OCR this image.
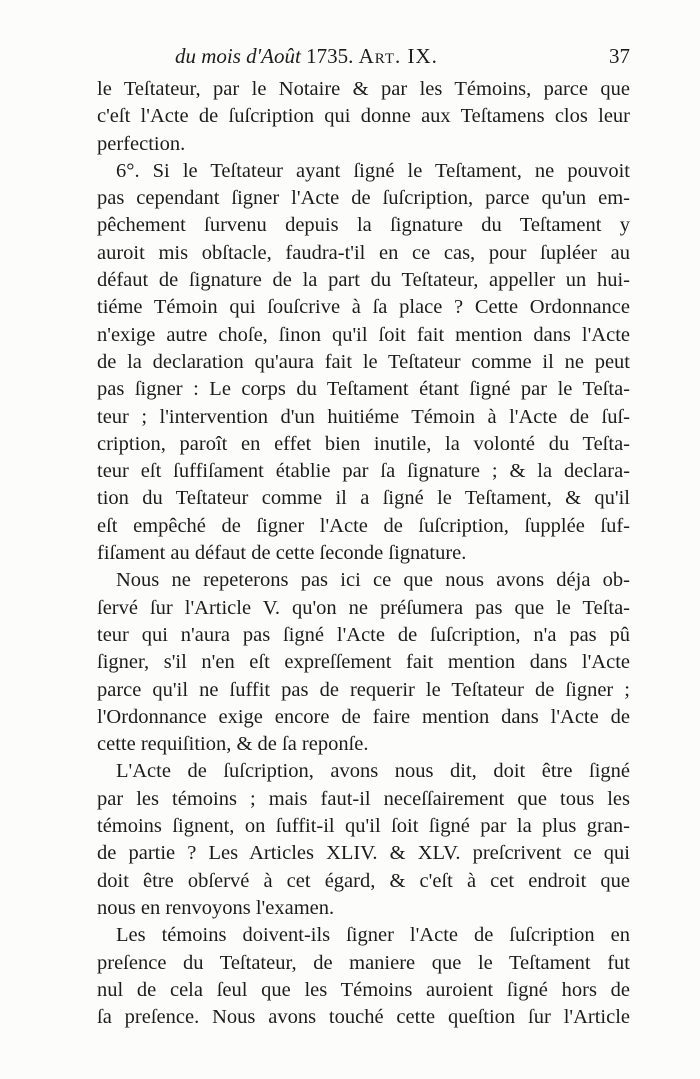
du mois d'Août 1735. Art. IX.	37
le Teſtateur, par le Notaire & par les Témoins, parce que
c'eſt l'Acte de ſuſcription qui donne aux Teſtamens clos leur
perfection.
6°. Si le Teſtateur ayant ſigné le Teſtament, ne pouvoit
pas cependant ſigner l'Acte de ſuſcription, parce qu'un em-
pêchement ſurvenu depuis la ſignature du Teſtament y
auroit mis obſtacle, faudra-t'il en ce cas, pour ſupléer au
défaut de ſignature de la part du Teſtateur, appeller un hui-
tiéme Témoin qui ſouſcrive à ſa place ? Cette Ordonnance
n'exige autre choſe, ſinon qu'il ſoit fait mention dans l'Acte
de la declaration qu'aura fait le Teſtateur comme il ne peut
pas ſigner : Le corps du Teſtament étant ſigné par le Teſta-
teur ; l'intervention d'un huitiéme Témoin à l'Acte de ſuſ-
cription, paroît en effet bien inutile, la volonté du Teſta-
teur eſt ſuffiſament établie par ſa ſignature ; & la declara-
tion du Teſtateur comme il a ſigné le Teſtament, & qu'il
eſt empêché de ſigner l'Acte de ſuſcription, ſupplée ſuf-
fiſament au défaut de cette ſeconde ſignature.
Nous ne repeterons pas ici ce que nous avons déja ob-
ſervé ſur l'Article V. qu'on ne préſumera pas que le Teſta-
teur qui n'aura pas ſigné l'Acte de ſuſcription, n'a pas pû
ſigner, s'il n'en eſt expreſſement fait mention dans l'Acte
parce qu'il ne ſuffit pas de requerir le Teſtateur de ſigner ;
l'Ordonnance exige encore de faire mention dans l'Acte de
cette requiſition, & de ſa reponſe.
L'Acte de ſuſcription, avons nous dit, doit être ſigné
par les témoins ; mais faut-il neceſſairement que tous les
témoins ſignent, on ſuffit-il qu'il ſoit ſigné par la plus gran-
de partie ? Les Articles XLIV. & XLV. preſcrivent ce qui
doit être obſervé à cet égard, & c'eſt à cet endroit que
nous en renvoyons l'examen.
Les témoins doivent-ils ſigner l'Acte de ſuſcription en
preſence du Teſtateur, de maniere que le Teſtament fut
nul de cela ſeul que les Témoins auroient ſigné hors de
ſa preſence. Nous avons touché cette queſtion ſur l'Article
